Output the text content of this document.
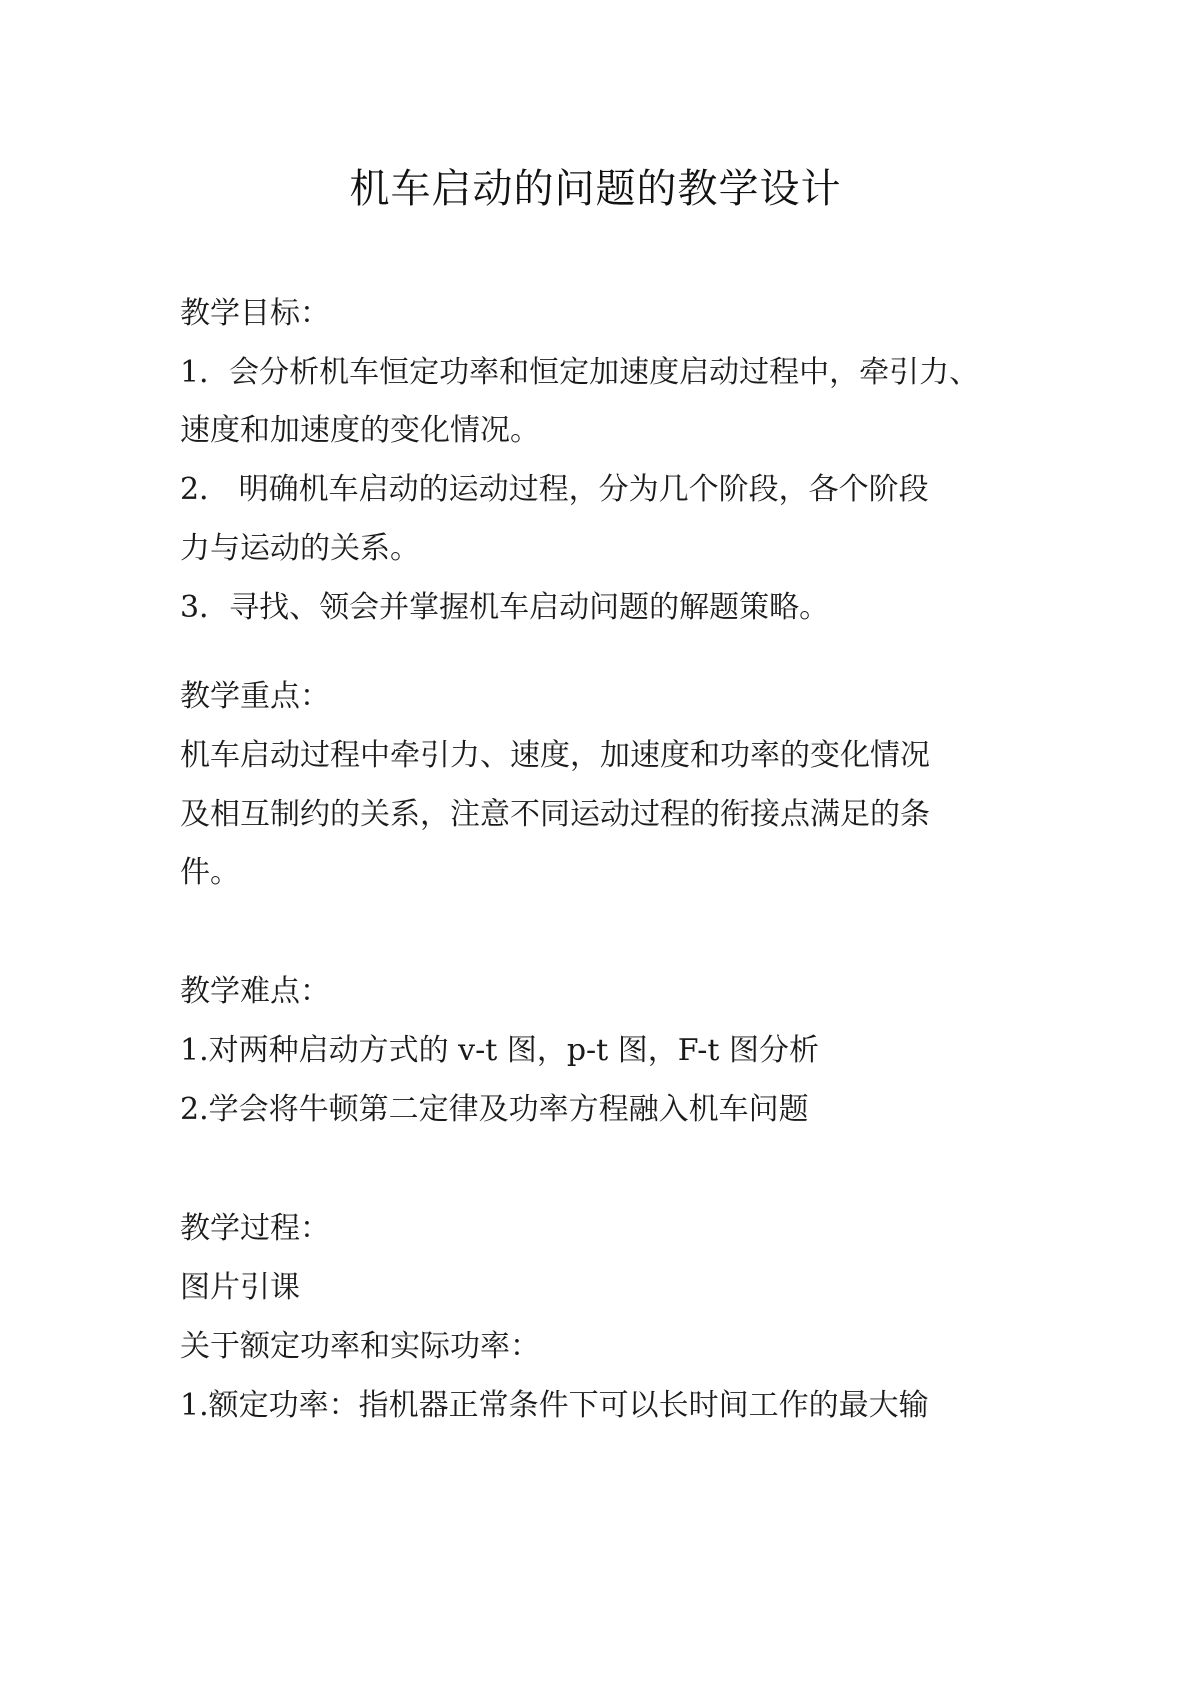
机车启动的问题的教学设计
教学目标：
1．会分析机车恒定功率和恒定加速度启动过程中，牵引力、
速度和加速度的变化情况。
2． 明确机车启动的运动过程，分为几个阶段，各个阶段
力与运动的关系。
3．寻找、领会并掌握机车启动问题的解题策略。
教学重点：
机车启动过程中牵引力、速度，加速度和功率的变化情况
及相互制约的关系，注意不同运动过程的衔接点满足的条
件。
教学难点：
1.对两种启动方式的 v-t 图，p-t 图，F-t 图分析
2.学会将牛顿第二定律及功率方程融入机车问题
教学过程：
图片引课
关于额定功率和实际功率：
1.额定功率：指机器正常条件下可以长时间工作的最大输
